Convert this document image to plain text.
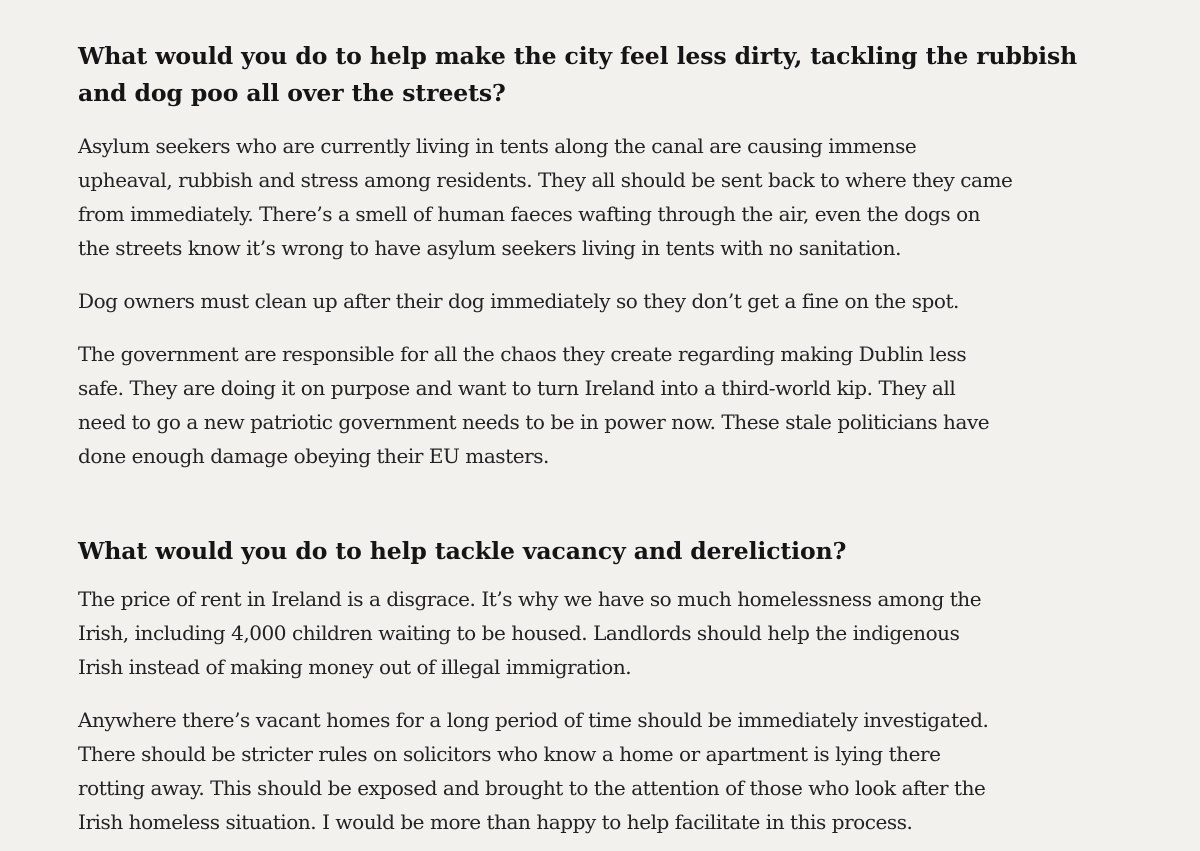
What would you do to help make the city feel less dirty, tackling the rubbish
and dog poo all over the streets?

Asylum seekers who are currently living in tents along the canal are causing immense
upheaval, rubbish and stress among residents. They all should be sent back to where they came
from immediately. There’s a smell of human faeces wafting through the air, even the dogs on
the streets know it’s wrong to have asylum seekers living in tents with no sanitation.

Dog owners must clean up after their dog immediately so they don’t get a fine on the spot.

The government are responsible for all the chaos they create regarding making Dublin less
safe. They are doing it on purpose and want to turn Ireland into a third-world kip. They all
need to go a new patriotic government needs to be in power now. These stale politicians have
done enough damage obeying their EU masters.

What would you do to help tackle vacancy and dereliction?

The price of rent in Ireland is a disgrace. It’s why we have so much homelessness among the
Irish, including 4,000 children waiting to be housed. Landlords should help the indigenous
Irish instead of making money out of illegal immigration.

Anywhere there’s vacant homes for a long period of time should be immediately investigated.
There should be stricter rules on solicitors who know a home or apartment is lying there
rotting away. This should be exposed and brought to the attention of those who look after the
Irish homeless situation. I would be more than happy to help facilitate in this process.
